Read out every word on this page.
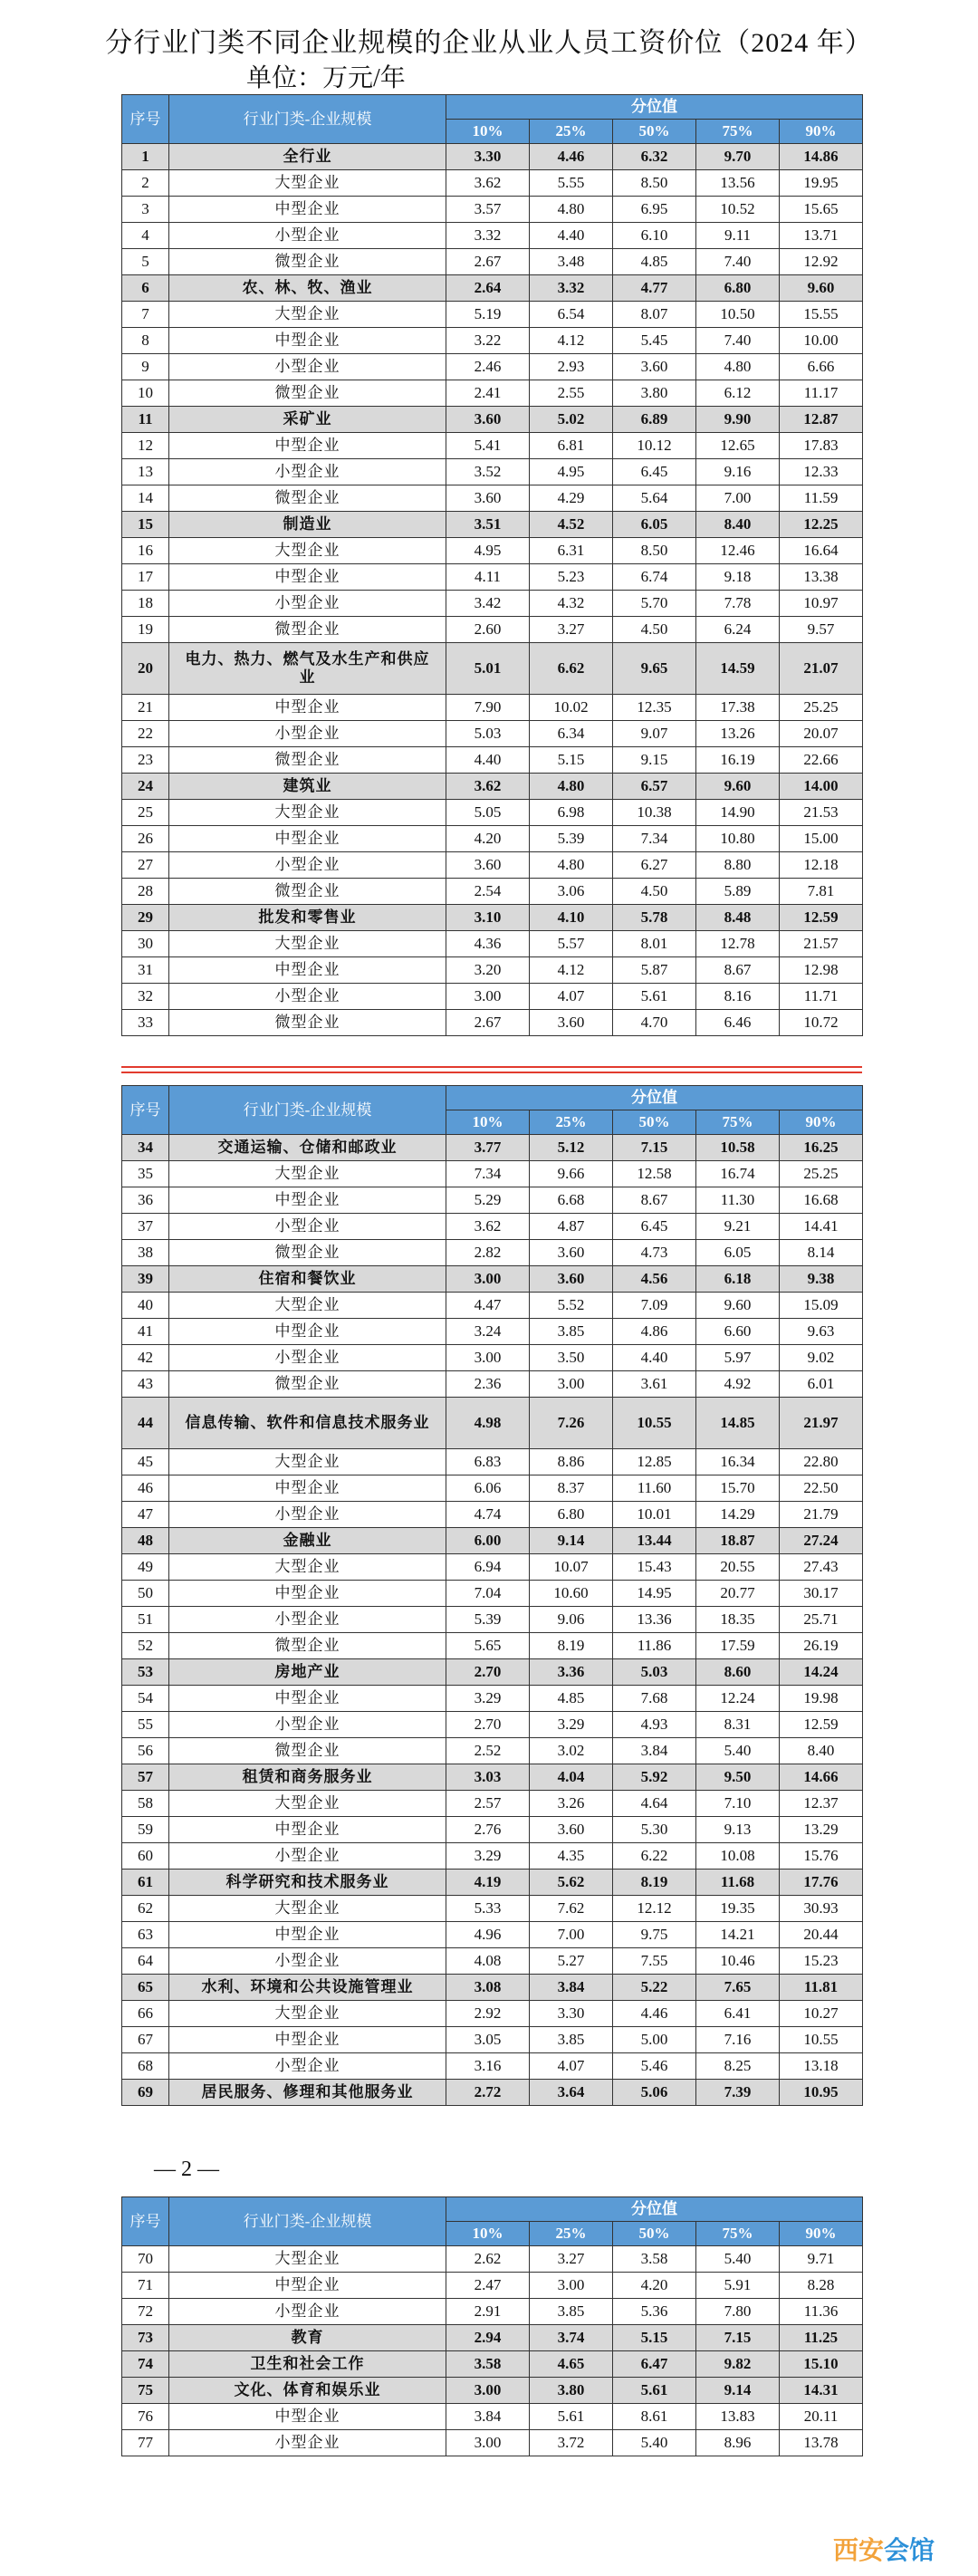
分行业门类不同企业规模的企业从业人员工资价位（2024 年）
单位：万元/年
序号	行业门类-企业规模	分位值				
		10%	25%	50%	75%	90%
1	全行业	3.30	4.46	6.32	9.70	14.86
2	大型企业	3.62	5.55	8.50	13.56	19.95
3	中型企业	3.57	4.80	6.95	10.52	15.65
4	小型企业	3.32	4.40	6.10	9.11	13.71
5	微型企业	2.67	3.48	4.85	7.40	12.92
6	农、林、牧、渔业	2.64	3.32	4.77	6.80	9.60
7	大型企业	5.19	6.54	8.07	10.50	15.55
8	中型企业	3.22	4.12	5.45	7.40	10.00
9	小型企业	2.46	2.93	3.60	4.80	6.66
10	微型企业	2.41	2.55	3.80	6.12	11.17
11	采矿业	3.60	5.02	6.89	9.90	12.87
12	中型企业	5.41	6.81	10.12	12.65	17.83
13	小型企业	3.52	4.95	6.45	9.16	12.33
14	微型企业	3.60	4.29	5.64	7.00	11.59
15	制造业	3.51	4.52	6.05	8.40	12.25
16	大型企业	4.95	6.31	8.50	12.46	16.64
17	中型企业	4.11	5.23	6.74	9.18	13.38
18	小型企业	3.42	4.32	5.70	7.78	10.97
19	微型企业	2.60	3.27	4.50	6.24	9.57
20	电力、热力、燃气及水生产和供应业	5.01	6.62	9.65	14.59	21.07
21	中型企业	7.90	10.02	12.35	17.38	25.25
22	小型企业	5.03	6.34	9.07	13.26	20.07
23	微型企业	4.40	5.15	9.15	16.19	22.66
24	建筑业	3.62	4.80	6.57	9.60	14.00
25	大型企业	5.05	6.98	10.38	14.90	21.53
26	中型企业	4.20	5.39	7.34	10.80	15.00
27	小型企业	3.60	4.80	6.27	8.80	12.18
28	微型企业	2.54	3.06	4.50	5.89	7.81
29	批发和零售业	3.10	4.10	5.78	8.48	12.59
30	大型企业	4.36	5.57	8.01	12.78	21.57
31	中型企业	3.20	4.12	5.87	8.67	12.98
32	小型企业	3.00	4.07	5.61	8.16	11.71
33	微型企业	2.67	3.60	4.70	6.46	10.72
序号	行业门类-企业规模	分位值				
		10%	25%	50%	75%	90%
34	交通运输、仓储和邮政业	3.77	5.12	7.15	10.58	16.25
35	大型企业	7.34	9.66	12.58	16.74	25.25
36	中型企业	5.29	6.68	8.67	11.30	16.68
37	小型企业	3.62	4.87	6.45	9.21	14.41
38	微型企业	2.82	3.60	4.73	6.05	8.14
39	住宿和餐饮业	3.00	3.60	4.56	6.18	9.38
40	大型企业	4.47	5.52	7.09	9.60	15.09
41	中型企业	3.24	3.85	4.86	6.60	9.63
42	小型企业	3.00	3.50	4.40	5.97	9.02
43	微型企业	2.36	3.00	3.61	4.92	6.01
44	信息传输、软件和信息技术服务业	4.98	7.26	10.55	14.85	21.97
45	大型企业	6.83	8.86	12.85	16.34	22.80
46	中型企业	6.06	8.37	11.60	15.70	22.50
47	小型企业	4.74	6.80	10.01	14.29	21.79
48	金融业	6.00	9.14	13.44	18.87	27.24
49	大型企业	6.94	10.07	15.43	20.55	27.43
50	中型企业	7.04	10.60	14.95	20.77	30.17
51	小型企业	5.39	9.06	13.36	18.35	25.71
52	微型企业	5.65	8.19	11.86	17.59	26.19
53	房地产业	2.70	3.36	5.03	8.60	14.24
54	中型企业	3.29	4.85	7.68	12.24	19.98
55	小型企业	2.70	3.29	4.93	8.31	12.59
56	微型企业	2.52	3.02	3.84	5.40	8.40
57	租赁和商务服务业	3.03	4.04	5.92	9.50	14.66
58	大型企业	2.57	3.26	4.64	7.10	12.37
59	中型企业	2.76	3.60	5.30	9.13	13.29
60	小型企业	3.29	4.35	6.22	10.08	15.76
61	科学研究和技术服务业	4.19	5.62	8.19	11.68	17.76
62	大型企业	5.33	7.62	12.12	19.35	30.93
63	中型企业	4.96	7.00	9.75	14.21	20.44
64	小型企业	4.08	5.27	7.55	10.46	15.23
65	水利、环境和公共设施管理业	3.08	3.84	5.22	7.65	11.81
66	大型企业	2.92	3.30	4.46	6.41	10.27
67	中型企业	3.05	3.85	5.00	7.16	10.55
68	小型企业	3.16	4.07	5.46	8.25	13.18
69	居民服务、修理和其他服务业	2.72	3.64	5.06	7.39	10.95
— 2 —
序号	行业门类-企业规模	分位值				
		10%	25%	50%	75%	90%
70	大型企业	2.62	3.27	3.58	5.40	9.71
71	中型企业	2.47	3.00	4.20	5.91	8.28
72	小型企业	2.91	3.85	5.36	7.80	11.36
73	教育	2.94	3.74	5.15	7.15	11.25
74	卫生和社会工作	3.58	4.65	6.47	9.82	15.10
75	文化、体育和娱乐业	3.00	3.80	5.61	9.14	14.31
76	中型企业	3.84	5.61	8.61	13.83	20.11
77	小型企业	3.00	3.72	5.40	8.96	13.78
西安会馆
